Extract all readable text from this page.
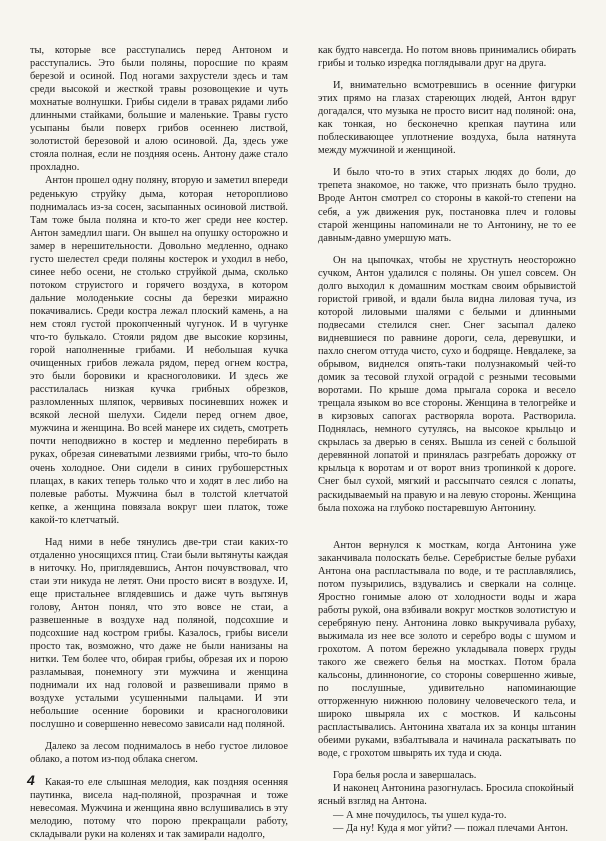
ты, которые все расступались перед Антоном и расступались. Это были поляны, поросшие по краям березой и осиной. Под ногами захрустели здесь и там среди высокой и жесткой травы розовощекие и чуть мохнатые волнушки. Грибы сидели в травах рядами либо длинными стайками, большие и маленькие. Травы густо усыпаны были поверх грибов осеннею листвой, золотистой березовой и алою осиновой. Да, здесь уже стояла полная, если не поздняя осень. Антону даже стало прохладно.

Антон прошел одну поляну, вторую и заметил впереди реденькую струйку дыма, которая нетороплиово поднималась из-за сосен, засыпанных осиновой листвой. Там тоже была поляна и кто-то жег среди нее костер. Антон замедлил шаги. Он вышел на опушку осторожно и замер в нерешительности. Довольно медленно, однако густо шелестел среди поляны костерок и уходил в небо, синее небо осени, не столько струйкой дыма, сколько потоком струистого и горячего воздуха, в котором дальние молоденькие сосны да березки миражно покачивались. Среди костра лежал плоский камень, а на нем стоял густой прокопченный чугунок. И в чугунке что-то булькало. Стояли рядом две высокие корзины, горой наполненные грибами. И небольшая кучка очищенных грибов лежала рядом, перед огнем костра, это были боровики и красноголовики. И здесь же расстилалась низкая кучка грибных обрезков, разломленных шляпок, червивых посиневших ножек и всякой лесной шелухи. Сидели перед огнем двое, мужчина и женщина. Во всей манере их сидеть, смотреть почти неподвижно в костер и медленно перебирать в руках, обрезая синеватыми лезвиями грибы, что-то было очень холодное. Они сидели в синих грубошерстных плащах, в каких теперь только что и ходят в лес либо на полевые работы. Мужчина был в толстой клетчатой кепке, а женщина повязала вокруг шеи платок, тоже какой-то клетчатый.

Над ними в небе тянулись две-три стаи каких-то отдаленно уносящихся птиц. Стаи были вытянуты каждая в ниточку. Но, приглядевшись, Антон почувствовал, что стаи эти никуда не летят. Они просто висят в воздухе. И, еще пристальнее вглядевшись и даже чуть вытянув голову, Антон понял, что это вовсе не стаи, а развешенные в воздухе над поляной, подсохшие и подсохшие над костром грибы. Казалось, грибы висели просто так, возможно, что даже не были нанизаны на нитки. Тем более что, обирая грибы, обрезая их и порою разламывая, понемногу эти мужчина и женщина поднимали их над головой и развешивали прямо в воздухе усталыми усушенными пальцами. И эти небольшие осенние боровики и красноголовики послушно и совершенно невесомо зависали над поляной.

Далеко за лесом поднималось в небо густое лиловое облако, а потом из-под облака снегом.

Какая-то еле слышная мелодия, как поздняя осенняя паутинка, висела над-поляной, прозрачная и тоже невесомая. Мужчина и женщина явно вслушивались в эту мелодию, потому что порою прекращали работу, складывали руки на коленях и так замирали надолго,

как будто навсегда. Но потом вновь принимались обирать грибы и только изредка поглядывали друг на друга.

И, внимательно всмотревшись в осенние фигурки этих прямо на глазах стареющих людей, Антон вдруг догадался, что музыка не просто висит над поляной: она, как тонкая, но бесконечно крепкая паутина или поблескивающее уплотнение воздуха, была натянута между мужчиной и женщиной.

И было что-то в этих старых людях до боли, до трепета знакомое, но также, что признать было трудно. Вроде Антон смотрел со стороны в какой-то степени на себя, а уж движения рук, постановка плеч и головы старой женщины напоминали не то Антонину, не то ее давным-давно умершую мать.

Он на цыпочках, чтобы не хрустнуть неосторожно сучком, Антон удалился с поляны. Он ушел совсем. Он долго выходил к домашним мосткам своим обрывистой гористой гривой, и вдали была видна лиловая туча, из которой лиловыми шалями с белыми и длинными подвесами стелился снег. Снег засыпал далеко видневшиеся по равнине дороги, села, деревушки, и пахло снегом оттуда чисто, сухо и бодряще. Невдалеке, за обрывом, виднелся опять-таки полузнакомый чей-то домик за тесовой глухой оградой с резными тесовыми воротами. По крыше дома прыгала сорока и весело трещала языком во все стороны. Женщина в телогрейке и в кирзовых сапогах растворяла ворота. Растворила. Поднялась, немного сутулясь, на высокое крыльцо и скрылась за дверью в сенях. Вышла из сеней с большой деревянной лопатой и принялась разгребать дорожку от крыльца к воротам и от ворот вниз тропинкой к дороге. Снег был сухой, мягкий и рассыпчато сеялся с лопаты, раскидываемый на правую и на левую стороны. Женщина была похожа на глубоко постаревшую Антонину.

Антон вернулся к мосткам, когда Антонина уже заканчивала полоскать белье. Серебристые белые рубахи Антона она распластывала по воде, и те расплавлялись, потом пузырились, вздувались и сверкали на солнце. Яростно гонимые алою от холодности воды и жара работы рукой, она взбивали вокруг мостков золотистую и серебряную пену. Антонина ловко выкручивала рубаху, выжимала из нее все золото и серебро воды с шумом и грохотом. А потом бережно укладывала поверх груды такого же свежего белья на мостках. Потом брала кальсоны, длинноногие, со стороны совершенно живые, по послушные, удивительно напоминающие отторженную нижнюю половину человеческого тела, и широко швыряла их с мостков. И кальсоны распластывались. Антонина хватала их за концы штанин обеими руками, взбалтывала и начинала раскатывать по воде, с грохотом швырять их туда и сюда.

Гора белья росла и завершалась.

И наконец Антонина разогнулась. Бросила спокойный ясный взгляд на Антона.

— А мне почудилось, ты ушел куда-то.

— Да ну! Куда я мог уйти? — пожал плечами Антон.

4
